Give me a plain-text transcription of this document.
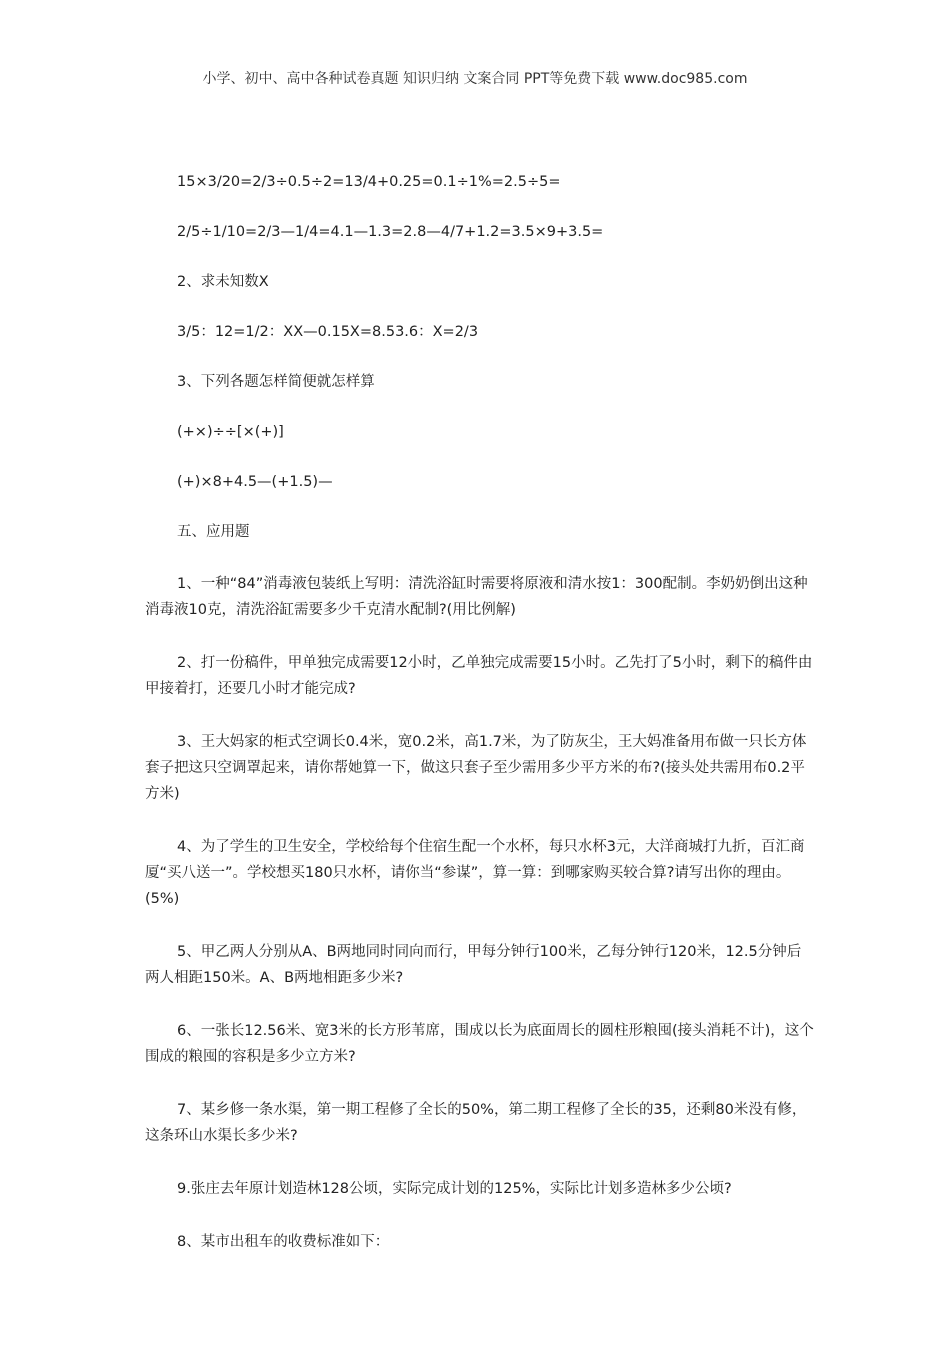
小学、初中、高中各种试卷真题 知识归纳 文案合同 PPT等免费下载 www.doc985.com

15×3/20=2/3÷0.5÷2=13/4+0.25=0.1÷1%=2.5÷5=

2/5÷1/10=2/3—1/4=4.1—1.3=2.8—4/7+1.2=3.5×9+3.5=

2、求未知数X

3/5：12=1/2：XX—0.15X=8.53.6：X=2/3

3、下列各题怎样简便就怎样算

(+×)÷÷[×(+)]

(+)×8+4.5—(+1.5)—

五、应用题

1、一种“84”消毒液包装纸上写明：清洗浴缸时需要将原液和清水按1：300配制。李奶奶倒出这种消毒液10克，清洗浴缸需要多少千克清水配制?(用比例解)

2、打一份稿件，甲单独完成需要12小时，乙单独完成需要15小时。乙先打了5小时，剩下的稿件由甲接着打，还要几小时才能完成?

3、王大妈家的柜式空调长0.4米，宽0.2米，高1.7米，为了防灰尘，王大妈准备用布做一只长方体套子把这只空调罩起来，请你帮她算一下，做这只套子至少需用多少平方米的布?(接头处共需用布0.2平方米)

4、为了学生的卫生安全，学校给每个住宿生配一个水杯，每只水杯3元，大洋商城打九折，百汇商厦“买八送一”。学校想买180只水杯，请你当“参谋”，算一算：到哪家购买较合算?请写出你的理由。(5%)

5、甲乙两人分别从A、B两地同时同向而行，甲每分钟行100米，乙每分钟行120米，12.5分钟后两人相距150米。A、B两地相距多少米?

6、一张长12.56米、宽3米的长方形苇席，围成以长为底面周长的圆柱形粮囤(接头消耗不计)，这个围成的粮囤的容积是多少立方米?

7、某乡修一条水渠，第一期工程修了全长的50%，第二期工程修了全长的35，还剩80米没有修，这条环山水渠长多少米?

9.张庄去年原计划造林128公顷，实际完成计划的125%，实际比计划多造林多少公顷?

8、某市出租车的收费标准如下：
